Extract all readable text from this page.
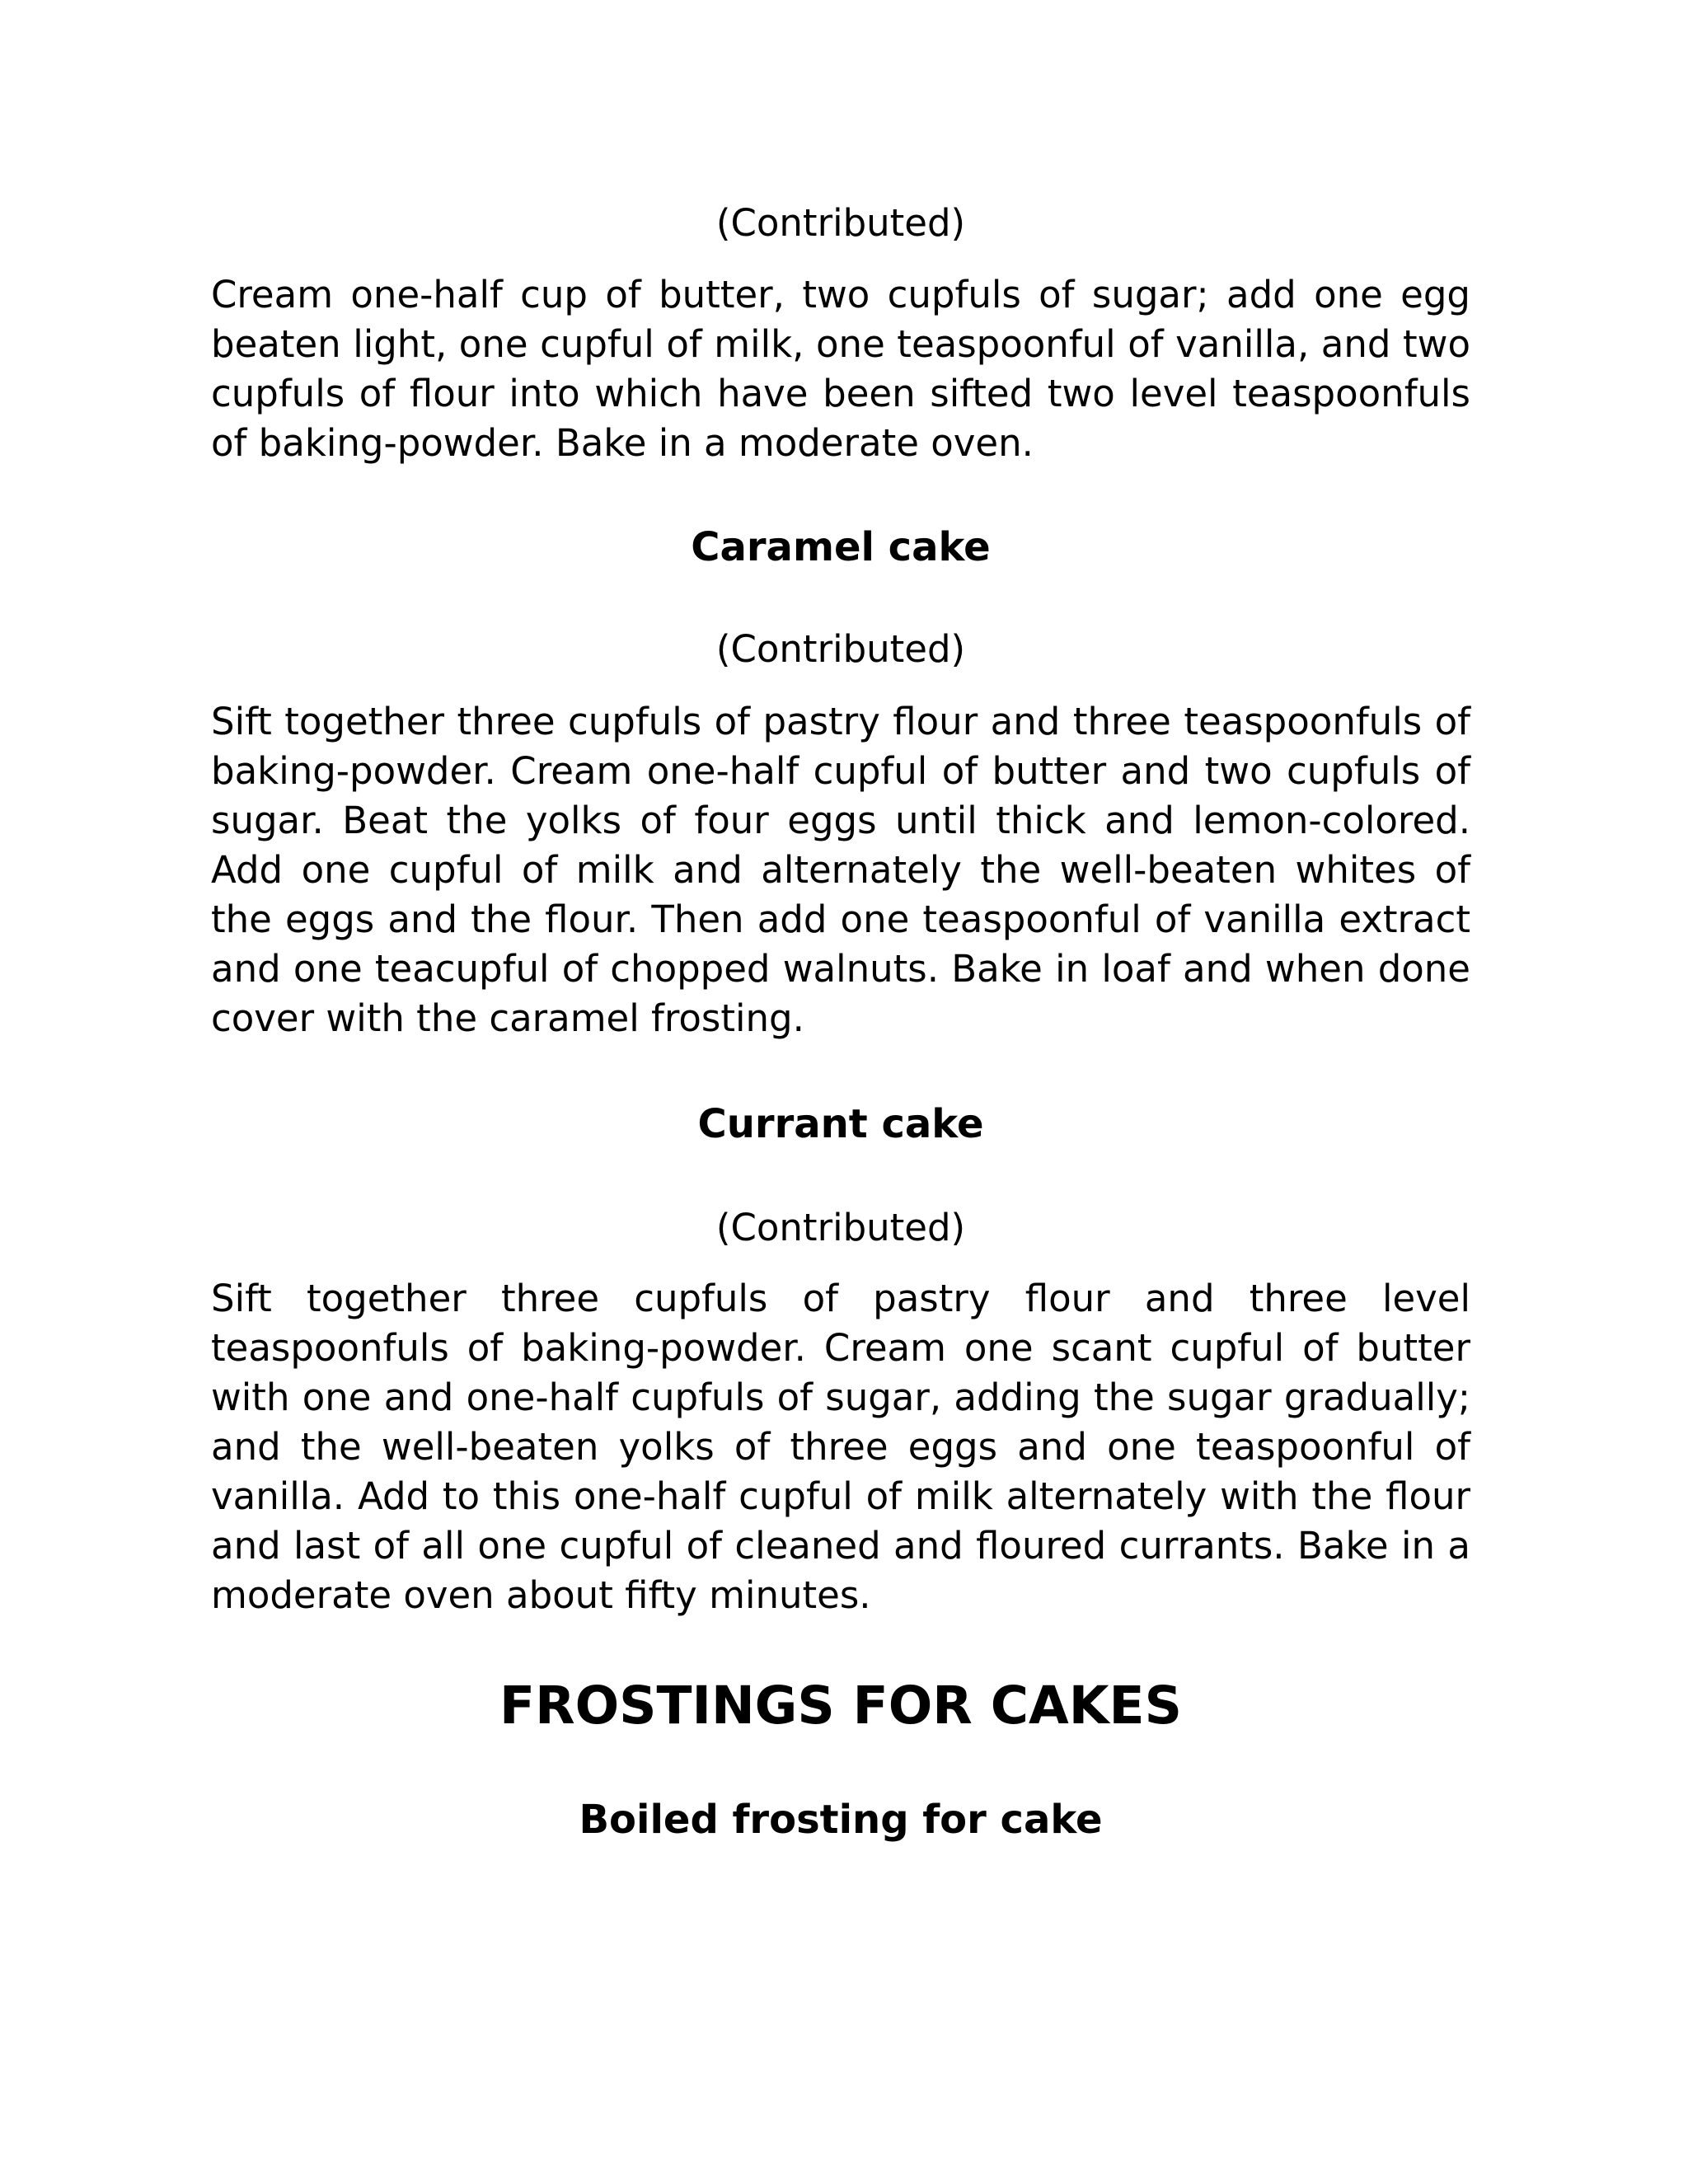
(Contributed)

Cream one-half cup of butter, two cupfuls of sugar; add one egg beaten light, one cupful of milk, one teaspoonful of vanilla, and two cupfuls of flour into which have been sifted two level teaspoonfuls of baking-powder. Bake in a moderate oven.

Caramel cake

(Contributed)

Sift together three cupfuls of pastry flour and three teaspoonfuls of baking-powder. Cream one-half cupful of butter and two cupfuls of sugar. Beat the yolks of four eggs until thick and lemon-colored. Add one cupful of milk and alternately the well-beaten whites of the eggs and the flour. Then add one teaspoonful of vanilla extract and one teacupful of chopped walnuts. Bake in loaf and when done cover with the caramel frosting.

Currant cake

(Contributed)

Sift together three cupfuls of pastry flour and three level teaspoonfuls of baking-powder. Cream one scant cupful of butter with one and one-half cupfuls of sugar, adding the sugar gradually; and the well-beaten yolks of three eggs and one teaspoonful of vanilla. Add to this one-half cupful of milk alternately with the flour and last of all one cupful of cleaned and floured currants. Bake in a moderate oven about fifty minutes.

FROSTINGS FOR CAKES
Boiled frosting for cake
